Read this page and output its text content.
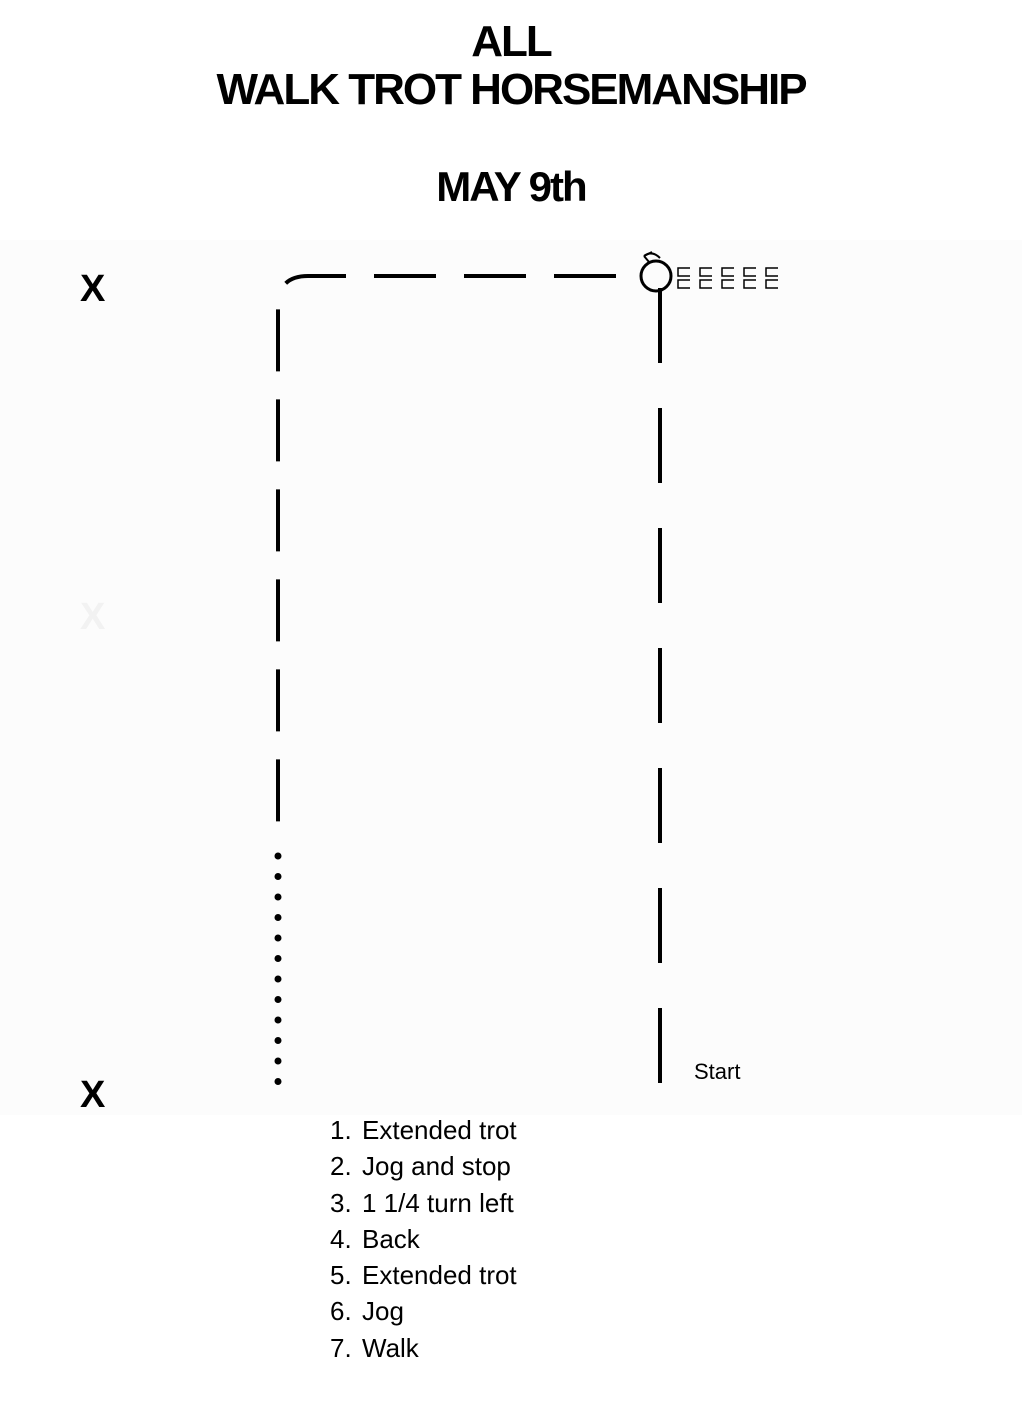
ALL
WALK TROT HORSEMANSHIP
MAY 9th
X
X
X
Start
1. Extended trot
2. Jog and stop
3. 1 1/4 turn left
4. Back
5. Extended trot
6. Jog
7. Walk
